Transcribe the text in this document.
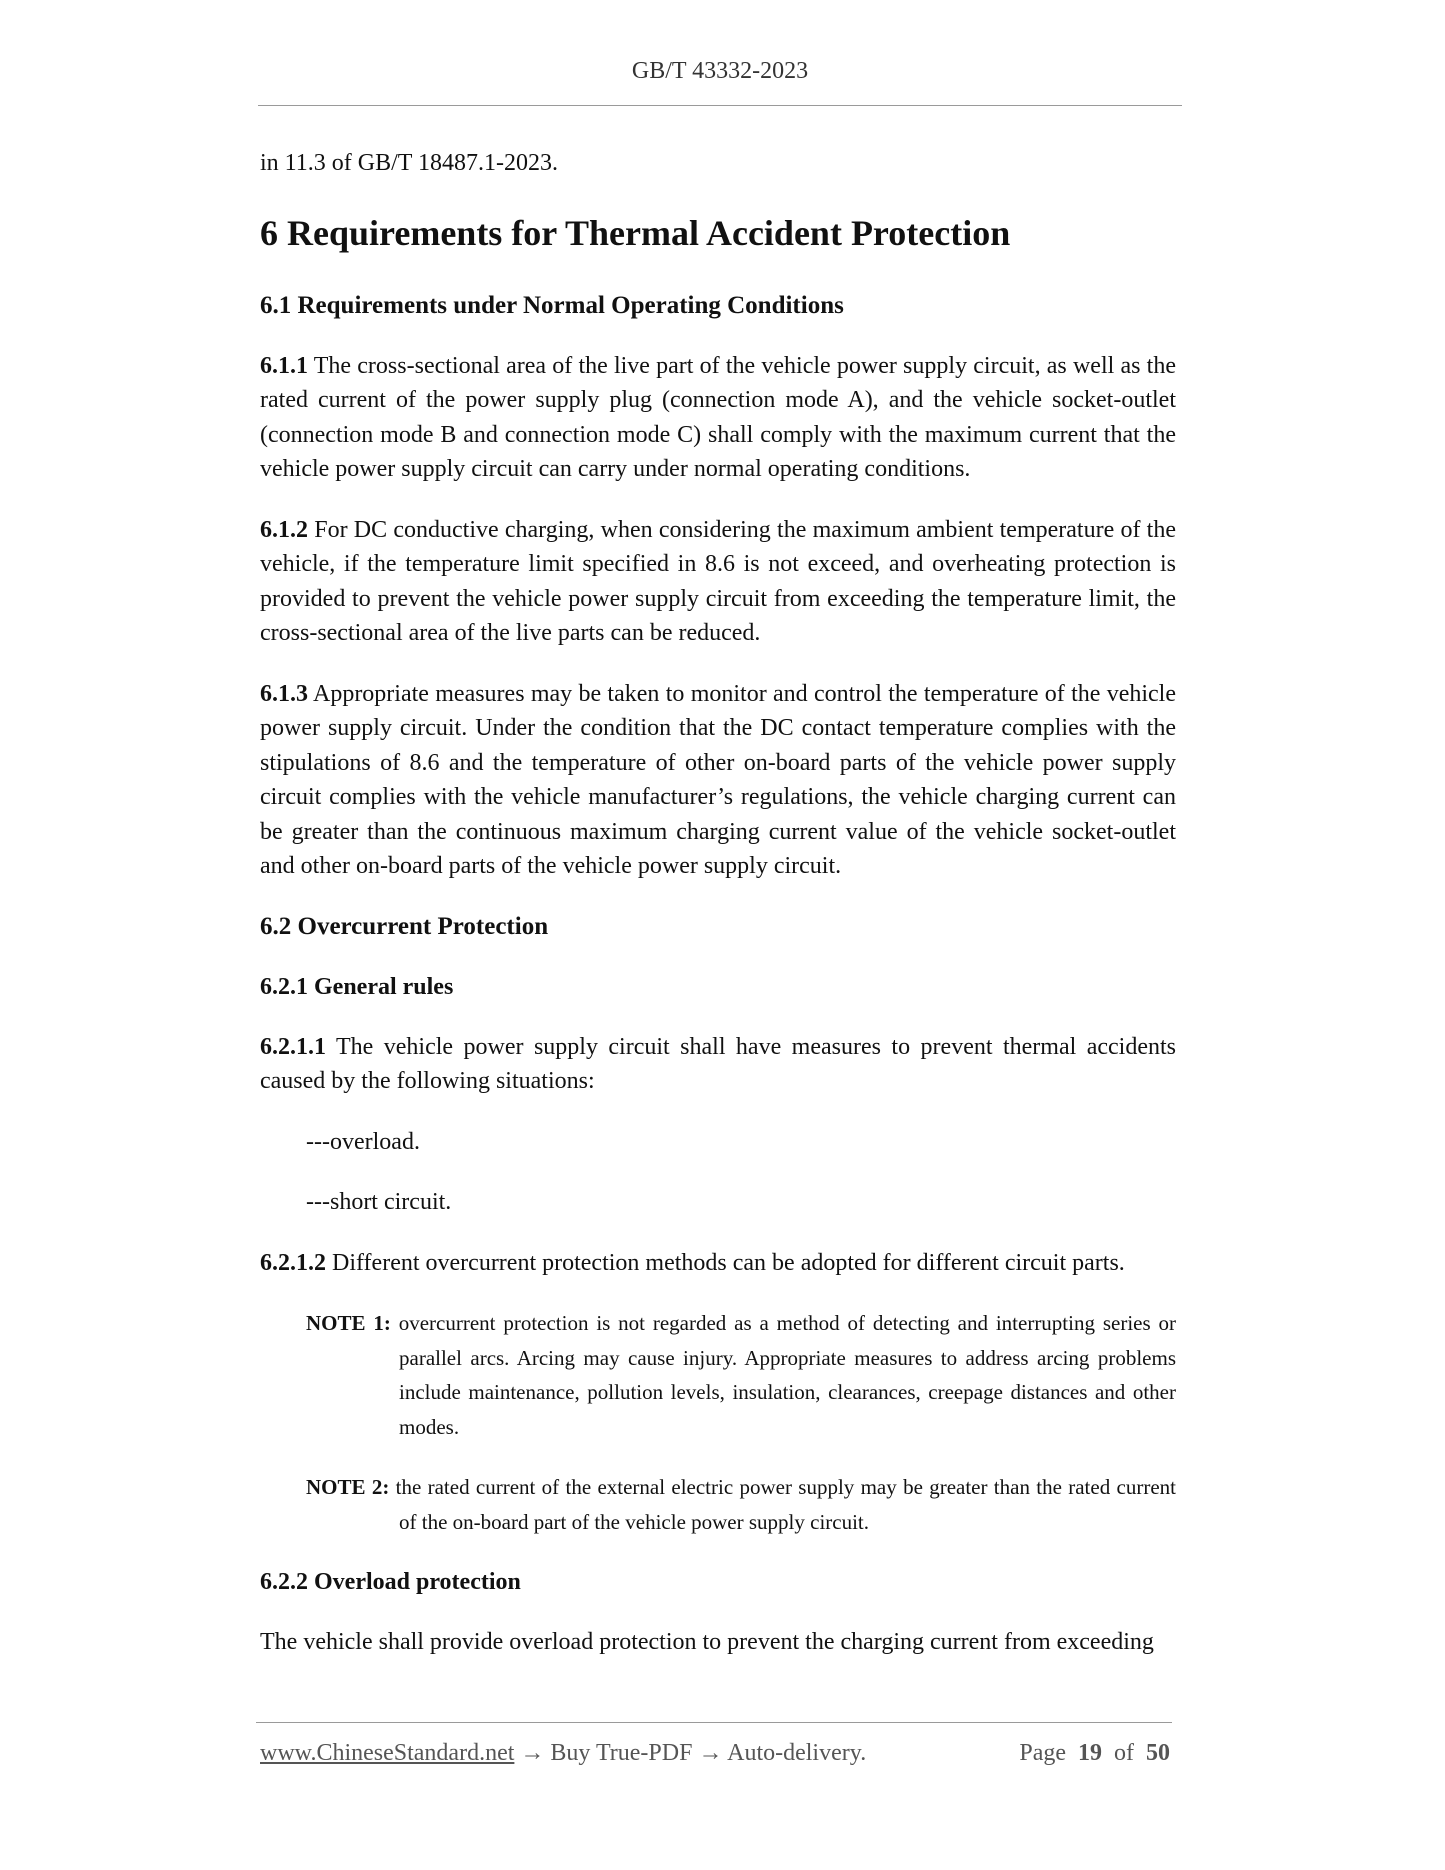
GB/T 43332-2023

in 11.3 of GB/T 18487.1-2023.

6 Requirements for Thermal Accident Protection
6.1 Requirements under Normal Operating Conditions

6.1.1 The cross-sectional area of the live part of the vehicle power supply circuit, as well as the rated current of the power supply plug (connection mode A), and the vehicle socket-outlet (connection mode B and connection mode C) shall comply with the maximum current that the vehicle power supply circuit can carry under normal operating conditions.

6.1.2 For DC conductive charging, when considering the maximum ambient temperature of the vehicle, if the temperature limit specified in 8.6 is not exceed, and overheating protection is provided to prevent the vehicle power supply circuit from exceeding the temperature limit, the cross-sectional area of the live parts can be reduced.

6.1.3 Appropriate measures may be taken to monitor and control the temperature of the vehicle power supply circuit. Under the condition that the DC contact temperature complies with the stipulations of 8.6 and the temperature of other on-board parts of the vehicle power supply circuit complies with the vehicle manufacturer’s regulations, the vehicle charging current can be greater than the continuous maximum charging current value of the vehicle socket-outlet and other on-board parts of the vehicle power supply circuit.

6.2 Overcurrent Protection
6.2.1 General rules

6.2.1.1 The vehicle power supply circuit shall have measures to prevent thermal accidents caused by the following situations:

---overload.

---short circuit.

6.2.1.2 Different overcurrent protection methods can be adopted for different circuit parts.

NOTE 1: overcurrent protection is not regarded as a method of detecting and interrupting series or parallel arcs. Arcing may cause injury. Appropriate measures to address arcing problems include maintenance, pollution levels, insulation, clearances, creepage distances and other modes.

NOTE 2: the rated current of the external electric power supply may be greater than the rated current of the on-board part of the vehicle power supply circuit.

6.2.2 Overload protection

The vehicle shall provide overload protection to prevent the charging current from exceeding

www.ChineseStandard.net → Buy True-PDF → Auto-delivery.	Page 19 of 50
